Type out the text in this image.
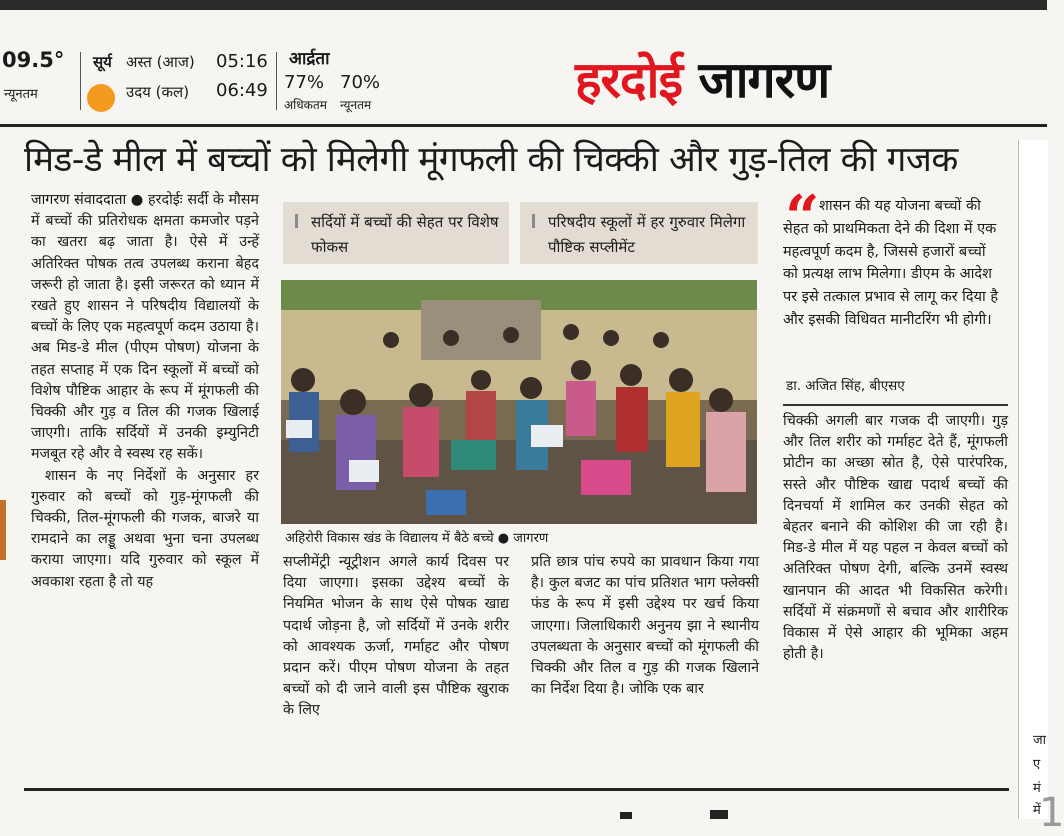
09.5°
न्यूनतम
सूर्य अस्त (आज) 05:16
उदय (कल) 06:49
आर्द्रता
77% 70%
अधिकतम न्यूनतम	हरदोई जागरण
1
जा
ए
मं
में
मिड-डे मील में बच्चों को मिलेगी मूंगफली की चिक्की और गुड़-तिल की गजक

जागरण संवाददाता ● हरदोईः सर्दी के मौसम में बच्चों की प्रतिरोधक क्षमता कमजोर पड़ने का खतरा बढ़ जाता है। ऐसे में उन्हें अतिरिक्त पोषक तत्व उपलब्ध कराना बेहद जरूरी हो जाता है। इसी जरूरत को ध्यान में रखते हुए शासन ने परिषदीय विद्यालयों के बच्चों के लिए एक महत्वपूर्ण कदम उठाया है। अब मिड-डे मील (पीएम पोषण) योजना के तहत सप्ताह में एक दिन स्कूलों में बच्चों को विशेष पौष्टिक आहार के रूप में मूंगफली की चिक्की और गुड़ व तिल की गजक खिलाई जाएगी। ताकि सर्दियों में उनकी इम्युनिटी मजबूत रहे और वे स्वस्थ रह सकें।

शासन के नए निर्देशों के अनुसार हर गुरुवार को बच्चों को गुड़-मूंगफली की चिक्की, तिल-मूंगफली की गजक, बाजरे या रामदाने का लड्डू अथवा भुना चना उपलब्ध कराया जाएगा। यदि गुरुवार को स्कूल में अवकाश रहता है तो यह

सर्दियों में बच्चों की सेहत पर विशेष फोकस
परिषदीय स्कूलों में हर गुरुवार मिलेगा पौष्टिक सप्लीमेंट
अहिरोरी विकास खंड के विद्यालय में बैठे बच्चे ● जागरण
सप्लीमेंट्री न्यूट्रीशन अगले कार्य दिवस पर दिया जाएगा। इसका उद्देश्य बच्चों के नियमित भोजन के साथ ऐसे पोषक खाद्य पदार्थ जोड़ना है, जो सर्दियों में उनके शरीर को आवश्यक ऊर्जा, गर्माहट और पोषण प्रदान करें। पीएम पोषण योजना के तहत बच्चों को दी जाने वाली इस पौष्टिक खुराक के लिए
प्रति छात्र पांच रुपये का प्रावधान किया गया है। कुल बजट का पांच प्रतिशत भाग फ्लेक्सी फंड के रूप में इसी उद्देश्य पर खर्च किया जाएगा। जिलाधिकारी अनुनय झा ने स्थानीय उपलब्धता के अनुसार बच्चों को मूंगफली की चिक्की और तिल व गुड़ की गजक खिलाने का निर्देश दिया है। जोकि एक बार
“ शासन की यह योजना बच्चों की सेहत को प्राथमिकता देने की दिशा में एक महत्वपूर्ण कदम है, जिससे हजारों बच्चों को प्रत्यक्ष लाभ मिलेगा। डीएम के आदेश पर इसे तत्काल प्रभाव से लागू कर दिया है और इसकी विधिवत मानीटरिंग भी होगी।
डा. अजित सिंह, बीएसए
चिक्की अगली बार गजक दी जाएगी। गुड़ और तिल शरीर को गर्माहट देते हैं, मूंगफली प्रोटीन का अच्छा स्रोत है, ऐसे पारंपरिक, सस्ते और पौष्टिक खाद्य पदार्थ बच्चों की दिनचर्या में शामिल कर उनकी सेहत को बेहतर बनाने की कोशिश की जा रही है। मिड-डे मील में यह पहल न केवल बच्चों को अतिरिक्त पोषण देगी, बल्कि उनमें स्वस्थ खानपान की आदत भी विकसित करेगी। सर्दियों में संक्रमणों से बचाव और शारीरिक विकास में ऐसे आहार की भूमिका अहम होती है।
